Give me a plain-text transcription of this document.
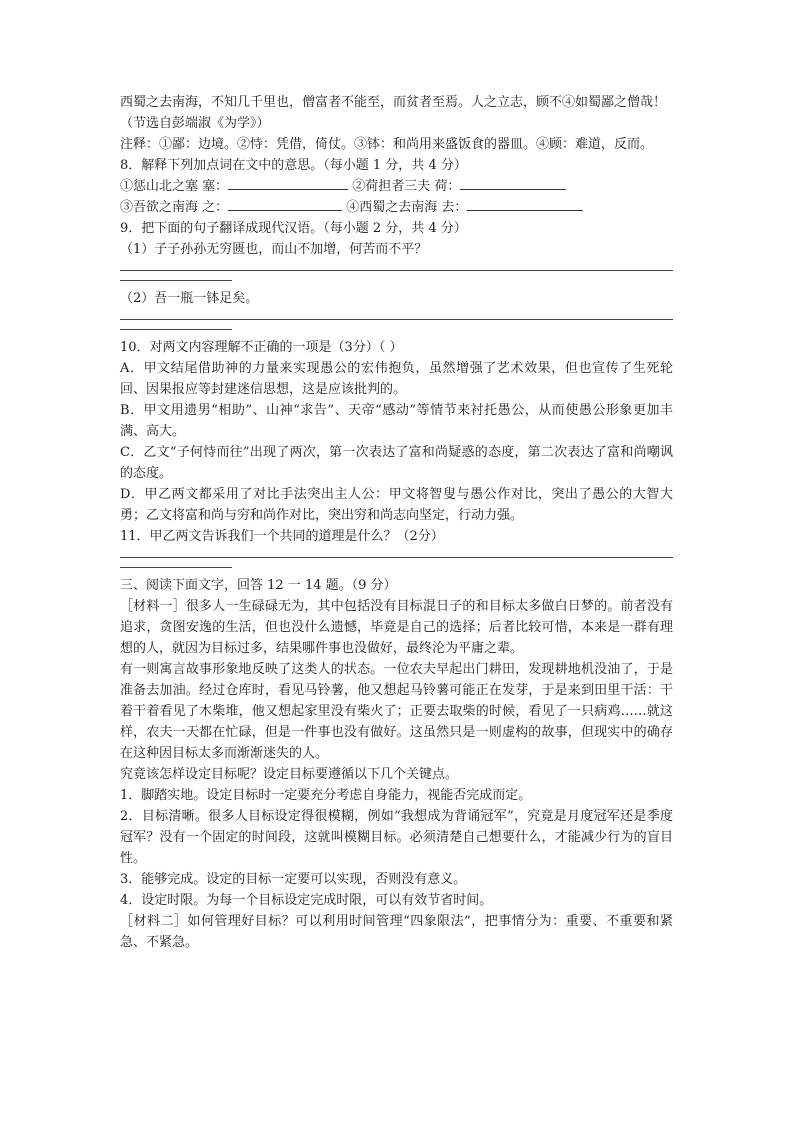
西蜀之去南海，不知几千里也，僧富者不能至，而贫者至焉。人之立志，顾不④如蜀鄙之僧哉！

（节选自彭端淑《为学》）

注释：①鄙：边境。②恃：凭借，倚仗。③钵：和尚用来盛饭食的器皿。④顾：难道，反而。

8．解释下列加点词在文中的意思。（每小题 1 分，共 4 分）

①惩山北之塞 塞：	②荷担者三夫 荷：

③吾欲之南海 之：	④西蜀之去南海 去：

9．把下面的句子翻译成现代汉语。（每小题 2 分，共 4 分）

（1）子子孙孙无穷匮也，而山不加增，何苦而不平？

（2）吾一瓶一钵足矣。

10．对两文内容理解不正确的一项是（3分）（ ）

A．甲文结尾借助神的力量来实现愚公的宏伟抱负，虽然增强了艺术效果，但也宣传了生死轮回、因果报应等封建迷信思想，这是应该批判的。

B．甲文用遗男“相助”、山神“求告”、天帝“感动”等情节来衬托愚公，从而使愚公形象更加丰满、高大。

C．乙文“子何恃而往”出现了两次，第一次表达了富和尚疑惑的态度，第二次表达了富和尚嘲讽的态度。

D．甲乙两文都采用了对比手法突出主人公：甲文将智叟与愚公作对比，突出了愚公的大智大勇；乙文将富和尚与穷和尚作对比，突出穷和尚志向坚定，行动力强。

11．甲乙两文告诉我们一个共同的道理是什么？（2分）

三、阅读下面文字，回答 12 一 14 题。（9 分）

［材料一］很多人一生碌碌无为，其中包括没有目标混日子的和目标太多做白日梦的。前者没有追求，贪图安逸的生活，但也没什么遗憾，毕竟是自己的选择；后者比较可惜，本来是一群有理想的人，就因为目标过多，结果哪件事也没做好，最终沦为平庸之辈。

有一则寓言故事形象地反映了这类人的状态。一位农夫早起出门耕田，发现耕地机没油了，于是准备去加油。经过仓库时，看见马铃薯，他又想起马铃薯可能正在发芽，于是来到田里干活：干着干着看见了木柴堆，他又想起家里没有柴火了；正要去取柴的时候，看见了一只病鸡……就这样，农夫一天都在忙碌，但是一件事也没有做好。这虽然只是一则虚构的故事，但现实中的确存在这种因目标太多而渐渐迷失的人。

究竟该怎样设定目标呢？设定目标要遵循以下几个关键点。

1．脚踏实地。设定目标时一定要充分考虑自身能力，视能否完成而定。

2．目标清晰。很多人目标设定得很模糊，例如“我想成为背诵冠军”，究竟是月度冠军还是季度冠军？没有一个固定的时间段，这就叫模糊目标。必须清楚自己想要什么，才能减少行为的盲目性。

3．能够完成。设定的目标一定要可以实现，否则没有意义。

4．设定时限。为每一个目标设定完成时限，可以有效节省时间。

［材料二］如何管理好目标？可以利用时间管理“四象限法”，把事情分为：重要、不重要和紧急、不紧急。
